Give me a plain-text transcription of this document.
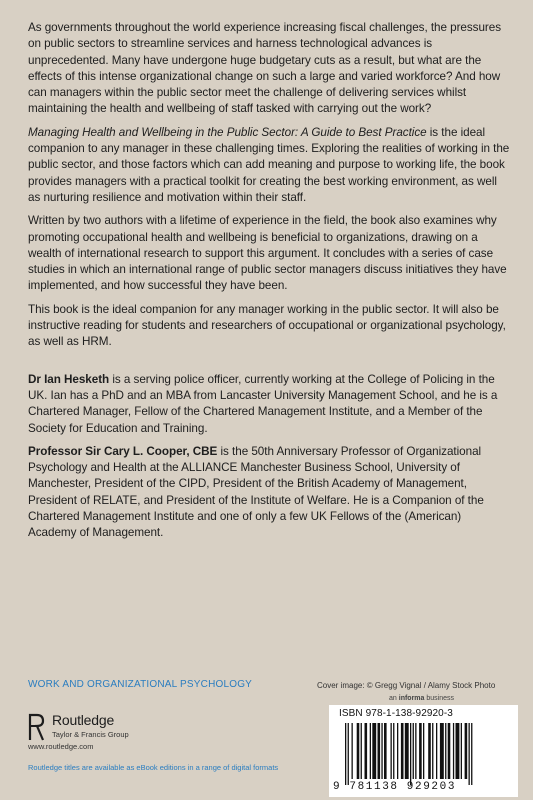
As governments throughout the world experience increasing fiscal challenges, the pressures on public sectors to streamline services and harness technological advances is unprecedented. Many have undergone huge budgetary cuts as a result, but what are the effects of this intense organizational change on such a large and varied workforce? And how can managers within the public sector meet the challenge of delivering services whilst maintaining the health and wellbeing of staff tasked with carrying out the work?

Managing Health and Wellbeing in the Public Sector: A Guide to Best Practice is the ideal companion to any manager in these challenging times. Exploring the realities of working in the public sector, and those factors which can add meaning and purpose to working life, the book provides managers with a practical toolkit for creating the best working environment, as well as nurturing resilience and motivation within their staff.

Written by two authors with a lifetime of experience in the field, the book also examines why promoting occupational health and wellbeing is beneficial to organizations, drawing on a wealth of international research to support this argument. It concludes with a series of case studies in which an international range of public sector managers discuss initiatives they have implemented, and how successful they have been.

This book is the ideal companion for any manager working in the public sector. It will also be instructive reading for students and researchers of occupational or organizational psychology, as well as HRM.

Dr Ian Hesketh is a serving police officer, currently working at the College of Policing in the UK. Ian has a PhD and an MBA from Lancaster University Management School, and he is a Chartered Manager, Fellow of the Chartered Management Institute, and a Member of the Society for Education and Training.

Professor Sir Cary L. Cooper, CBE is the 50th Anniversary Professor of Organizational Psychology and Health at the ALLIANCE Manchester Business School, University of Manchester, President of the CIPD, President of the British Academy of Management, President of RELATE, and President of the Institute of Welfare. He is a Companion of the Chartered Management Institute and one of only a few UK Fellows of the (American) Academy of Management.

WORK AND ORGANIZATIONAL PSYCHOLOGY	Cover image: © Gregg Vignal / Alamy Stock Photo
an informa business
Routledge
Taylor & Francis Group
www.routledge.com
Routledge titles are available as eBook editions in a range of digital formats
ISBN 978-1-138-92920-3
9 781138 929203
